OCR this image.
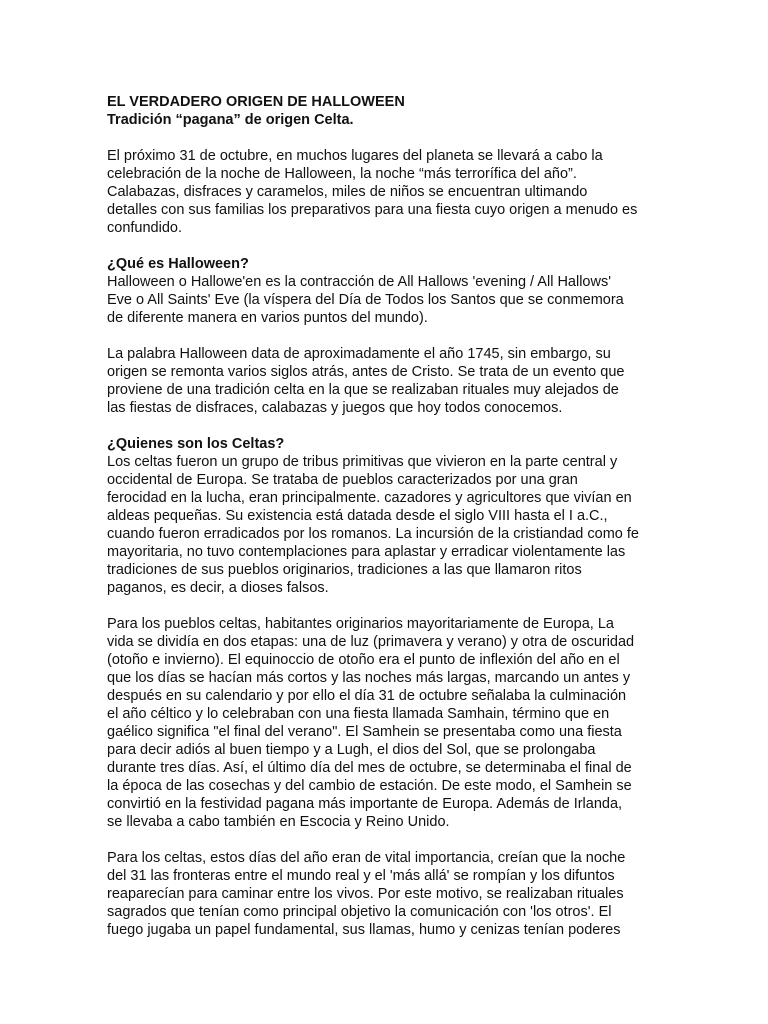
EL VERDADERO ORIGEN DE HALLOWEEN
Tradición “pagana” de origen Celta.
El próximo 31 de octubre, en muchos lugares del planeta se llevará a cabo la
celebración de la noche de Halloween, la noche “más terrorífica del año”.
Calabazas, disfraces y caramelos, miles de niños se encuentran ultimando
detalles con sus familias los preparativos para una fiesta cuyo origen a menudo es
confundido.
¿Qué es Halloween?
Halloween o Hallowe'en es la contracción de All Hallows 'evening / All Hallows'
Eve o All Saints' Eve (la víspera del Día de Todos los Santos que se conmemora
de diferente manera en varios puntos del mundo).
La palabra Halloween data de aproximadamente el año 1745, sin embargo, su
origen se remonta varios siglos atrás, antes de Cristo. Se trata de un evento que
proviene de una tradición celta en la que se realizaban rituales muy alejados de
las fiestas de disfraces, calabazas y juegos que hoy todos conocemos.
¿Quienes son los Celtas?
Los celtas fueron un grupo de tribus primitivas que vivieron en la parte central y
occidental de Europa. Se trataba de pueblos caracterizados por una gran
ferocidad en la lucha, eran principalmente. cazadores y agricultores que vivían en
aldeas pequeñas. Su existencia está datada desde el siglo VIII hasta el I a.C.,
cuando fueron erradicados por los romanos. La incursión de la cristiandad como fe
mayoritaria, no tuvo contemplaciones para aplastar y erradicar violentamente las
tradiciones de sus pueblos originarios, tradiciones a las que llamaron ritos
paganos, es decir, a dioses falsos.
Para los pueblos celtas, habitantes originarios mayoritariamente de Europa, La
vida se dividía en dos etapas: una de luz (primavera y verano) y otra de oscuridad
(otoño e invierno). El equinoccio de otoño era el punto de inflexión del año en el
que los días se hacían más cortos y las noches más largas, marcando un antes y
después en su calendario y por ello el día 31 de octubre señalaba la culminación
el año céltico y lo celebraban con una fiesta llamada Samhain, término que en
gaélico significa "el final del verano". El Samhein se presentaba como una fiesta
para decir adiós al buen tiempo y a Lugh, el dios del Sol, que se prolongaba
durante tres días. Así, el último día del mes de octubre, se determinaba el final de
la época de las cosechas y del cambio de estación. De este modo, el Samhein se
convirtió en la festividad pagana más importante de Europa. Además de Irlanda,
se llevaba a cabo también en Escocia y Reino Unido.
Para los celtas, estos días del año eran de vital importancia, creían que la noche
del 31 las fronteras entre el mundo real y el 'más allá' se rompían y los difuntos
reaparecían para caminar entre los vivos. Por este motivo, se realizaban rituales
sagrados que tenían como principal objetivo la comunicación con 'los otros'. El
fuego jugaba un papel fundamental, sus llamas, humo y cenizas tenían poderes
